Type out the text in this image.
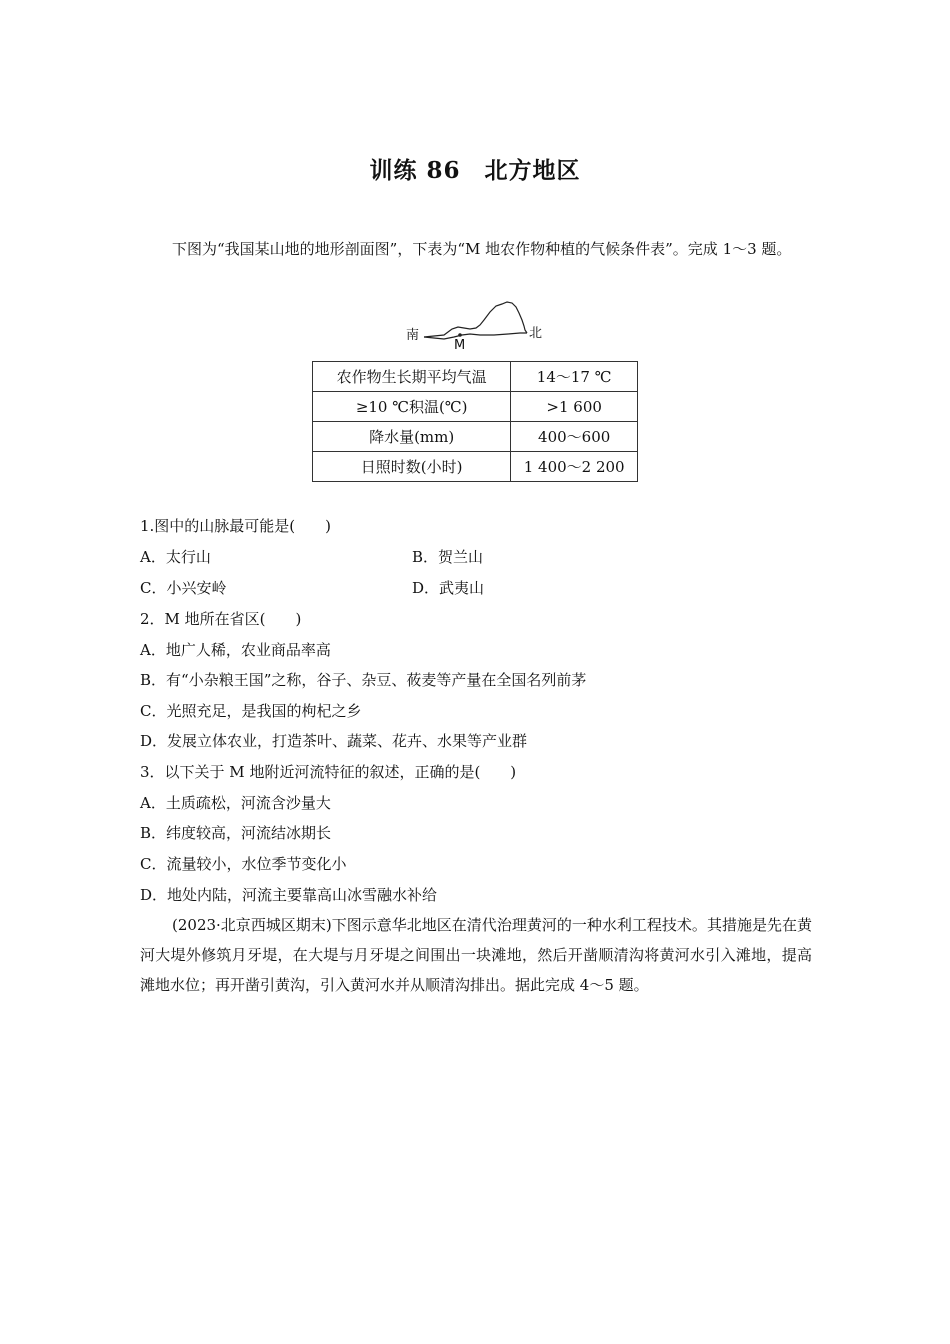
训练 86　北方地区
下图为“我国某山地的地形剖面图”，下表为“M 地农作物种植的气候条件表”。完成 1～3 题。
南	北
M
农作物生长期平均气温	14～17 ℃
≥10 ℃积温(℃)	>1 600
降水量(mm)	400～600
日照时数(小时)	1 400～2 200
1.图中的山脉最可能是(　　)
A．太行山	B．贺兰山
C．小兴安岭	D．武夷山
2．M 地所在省区(　　)
A．地广人稀，农业商品率高
B．有“小杂粮王国”之称，谷子、杂豆、莜麦等产量在全国名列前茅
C．光照充足，是我国的枸杞之乡
D．发展立体农业，打造茶叶、蔬菜、花卉、水果等产业群
3．以下关于 M 地附近河流特征的叙述，正确的是(　　)
A．土质疏松，河流含沙量大
B．纬度较高，河流结冰期长
C．流量较小，水位季节变化小
D．地处内陆，河流主要靠高山冰雪融水补给
(2023·北京西城区期末)下图示意华北地区在清代治理黄河的一种水利工程技术。其措施是先在黄河大堤外修筑月牙堤，在大堤与月牙堤之间围出一块滩地，然后开凿顺清沟将黄河水引入滩地，提高滩地水位；再开凿引黄沟，引入黄河水并从顺清沟排出。据此完成 4～5 题。
